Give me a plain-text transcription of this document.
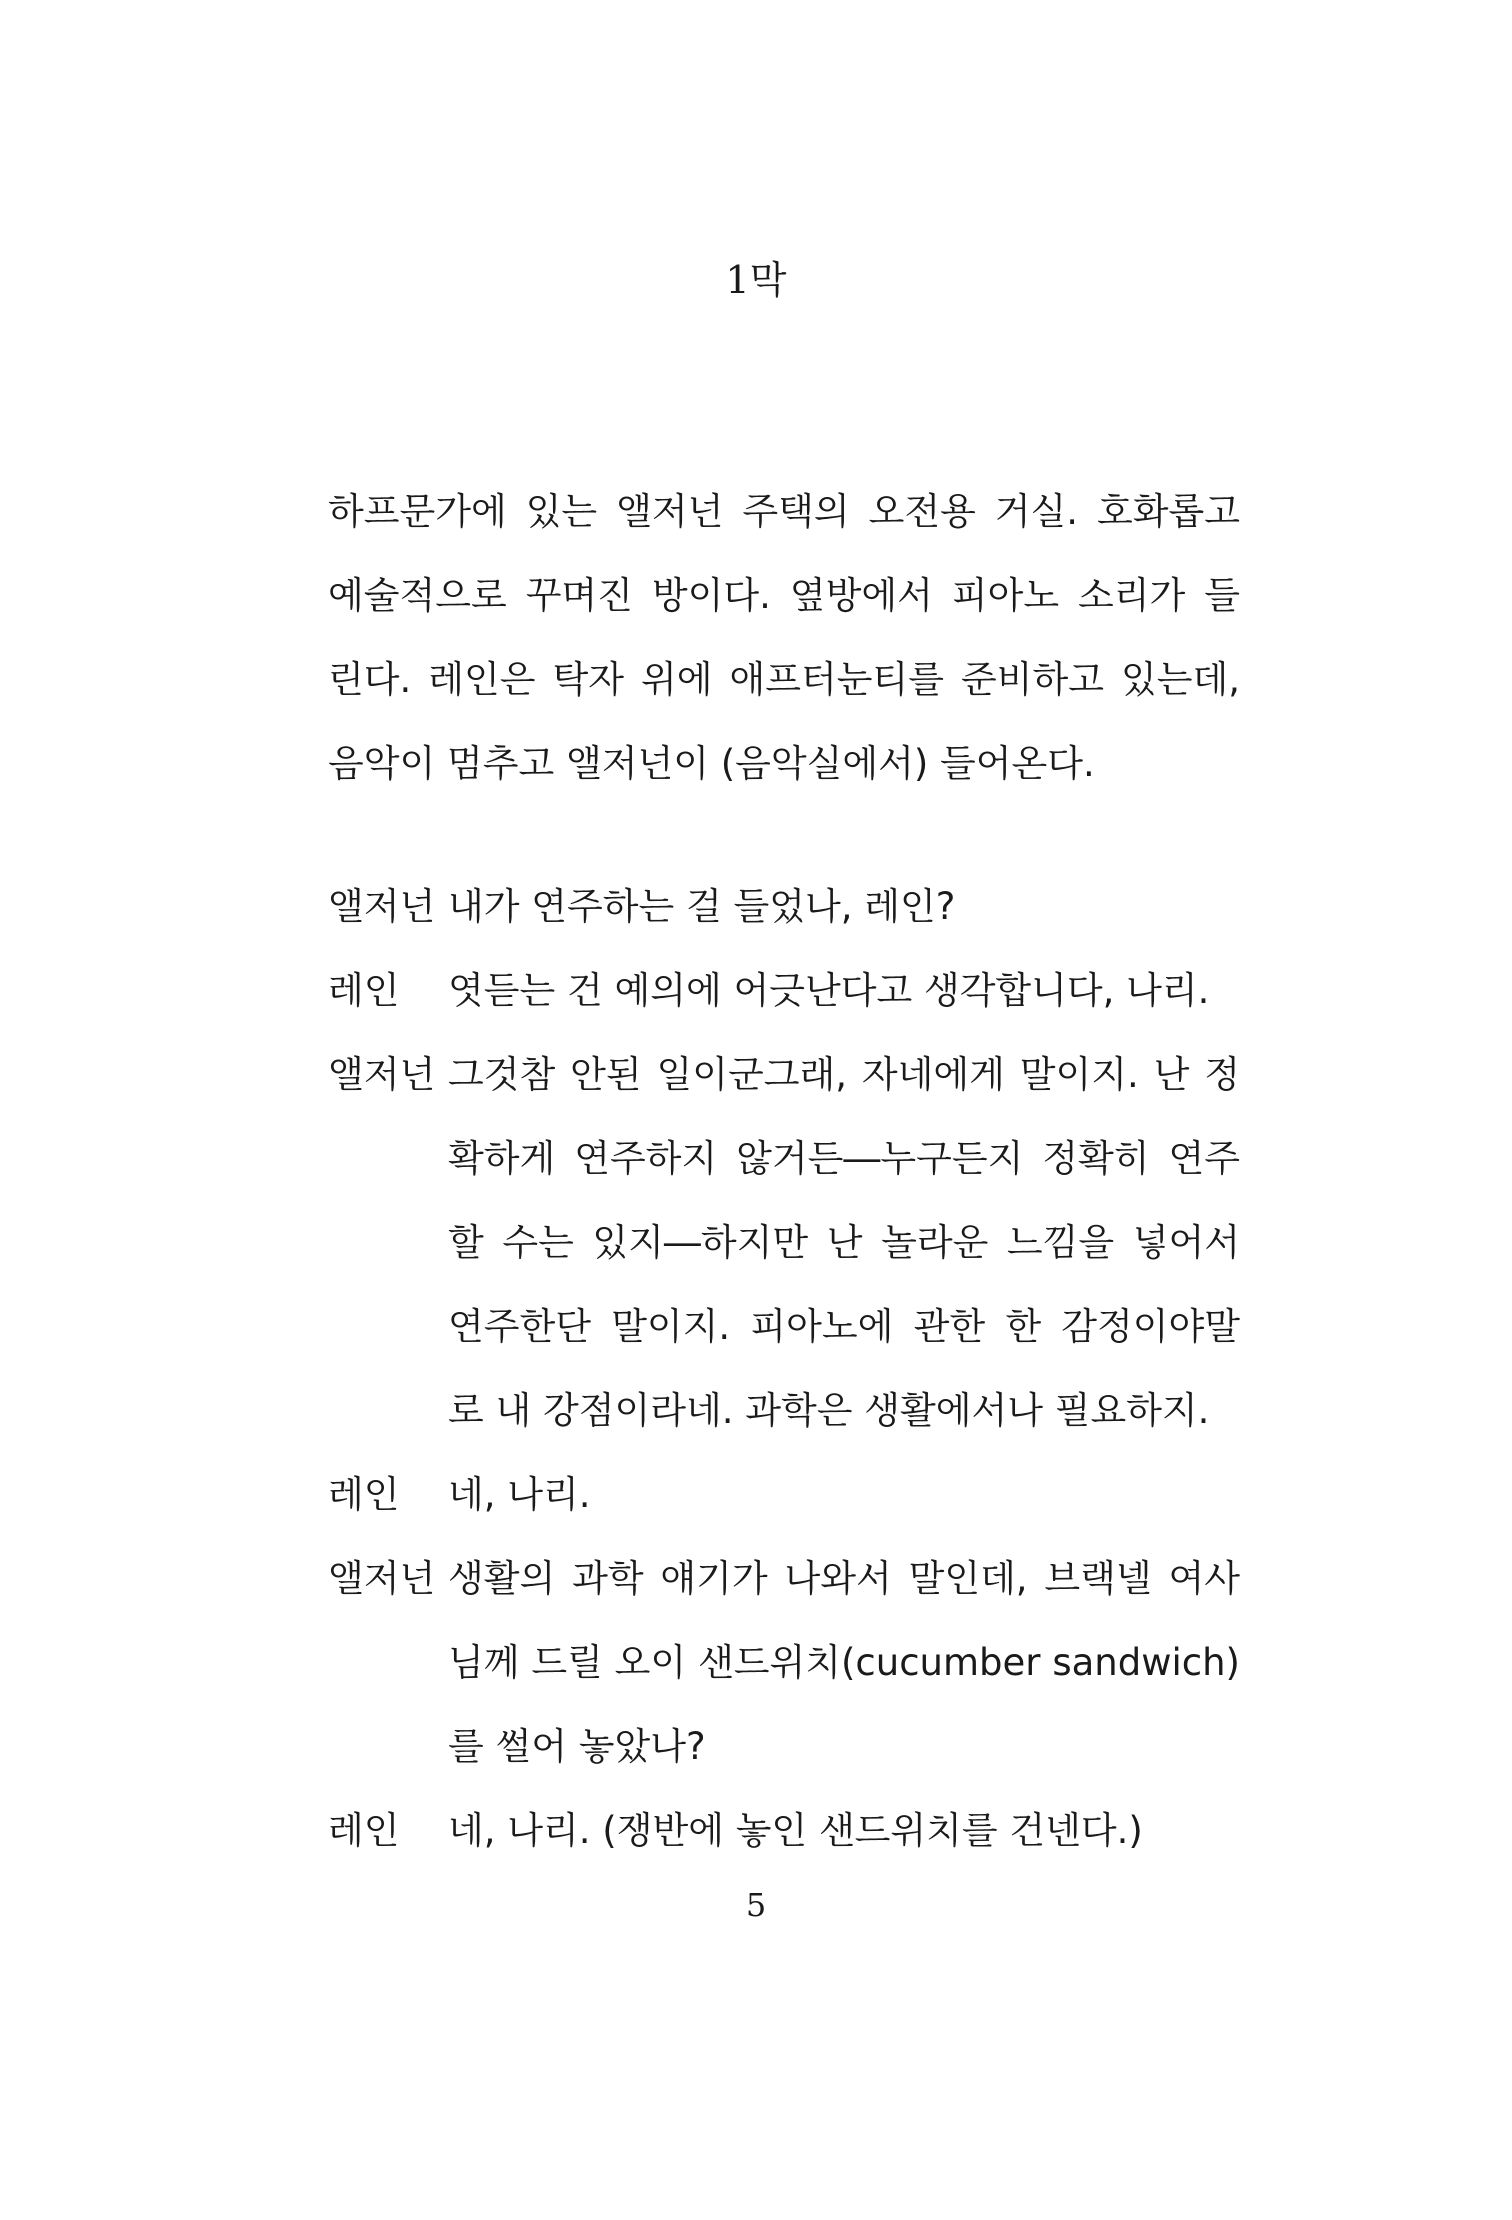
1막
하프문가에 있는 앨저넌 주택의 오전용 거실. 호화롭고
예술적으로 꾸며진 방이다. 옆방에서 피아노 소리가 들
린다. 레인은 탁자 위에 애프터눈티를 준비하고 있는데,
음악이 멈추고 앨저넌이 (음악실에서) 들어온다.
앨저넌 내가 연주하는 걸 들었나, 레인?
레인	엿듣는 건 예의에 어긋난다고 생각합니다, 나리.
앨저넌 그것참 안된 일이군그래, 자네에게 말이지. 난 정
확하게 연주하지 않거든―누구든지 정확히 연주
할 수는 있지―하지만 난 놀라운 느낌을 넣어서
연주한단 말이지. 피아노에 관한 한 감정이야말
로 내 강점이라네. 과학은 생활에서나 필요하지.
레인	네, 나리.
앨저넌 생활의 과학 얘기가 나와서 말인데, 브랙넬 여사
님께 드릴 오이 샌드위치(cucumber sandwich)
를 썰어 놓았나?
레인	네, 나리. (쟁반에 놓인 샌드위치를 건넨다.)
5
